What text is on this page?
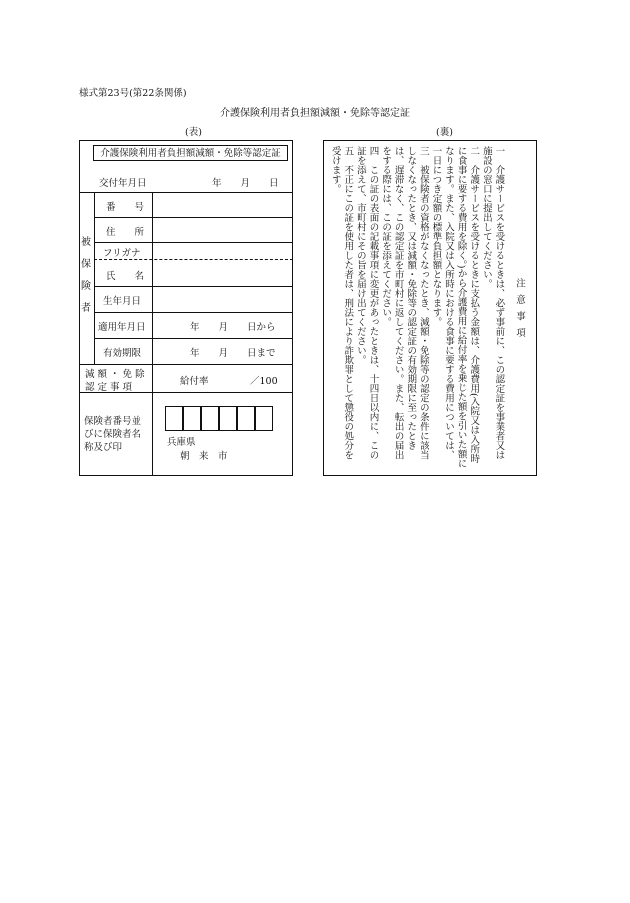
様式第23号(第22条関係)
介護保険利用者負担額減額・免除等認定証
(表)	(裏)
介護保険利用者負担額減額・免除等認定証
交付年月日	年　　月　　日
被
保
険
者
番　　号
住　　所
フリガナ
氏　　名
生年月日
適用年月日	年　　月　　日から
有効期限	年　　月　　日まで
減 額 ・ 免 除
認 定 事 項
給付率	／100
保険者番号並
びに保険者名
称及び印	兵庫県
朝　来　市
注意事項
一　介護サービスを受けるときは、必ず事前に、この認定証を事業者又は施設の窓口に提出してください。
二　介護サービスを受けるときに支払う金額は、介護費用(入院又は入所時に食事に要する費用を除く。)から介護費用に給付率を乗じた額を引いた額になります。また、入院又は入所時における食事に要する費用については、一日につき定額の標準負担額となります。
三　被保険者の資格がなくなったとき、減額・免除等の認定の条件に該当しなくなったとき、又は減額・免除等の認定証の有効期限に至ったときは、遅滞なく、この認定証を市町村に返してください。また、転出の届出をする際には、この証を添えてください。
四　この証の表面の記載事項に変更があったときは、十四日以内に、この証を添えて、市町村にその旨を届け出てください。
五　不正にこの証を使用した者は、刑法により詐欺罪として懲役の処分を受けます。
